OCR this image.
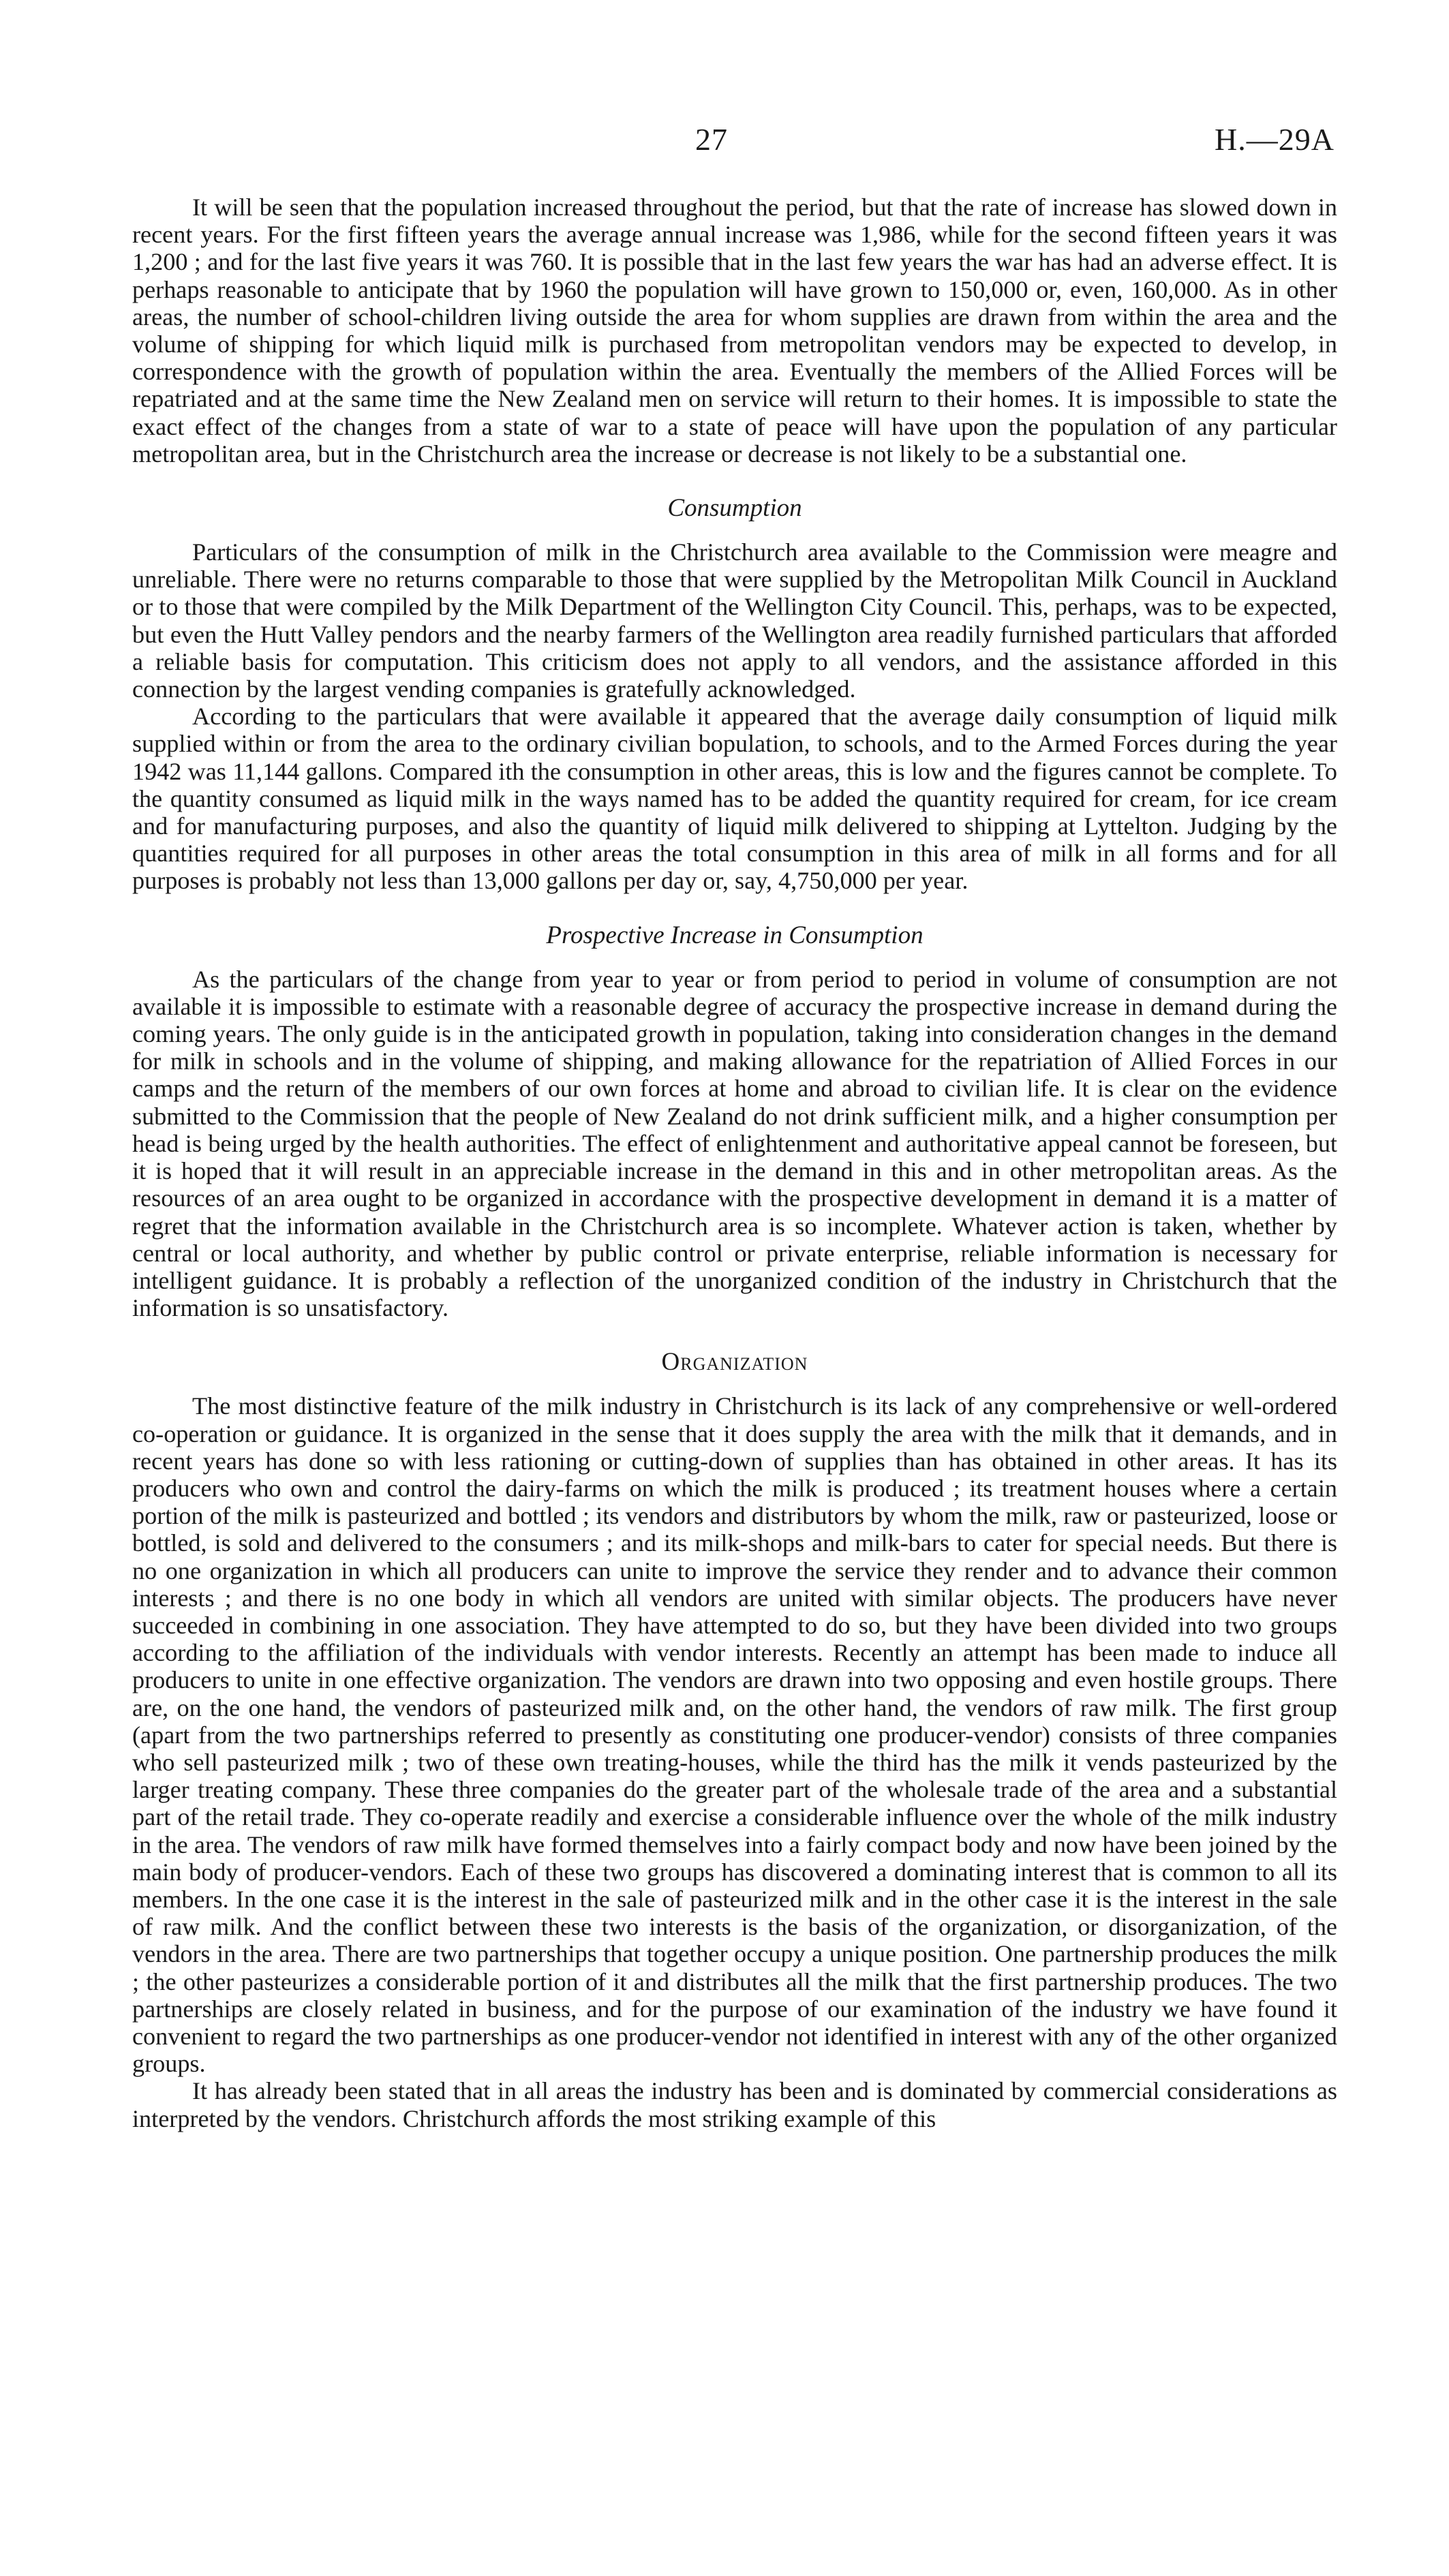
27	H.—29A

It will be seen that the population increased throughout the period, but that the rate of increase has slowed down in recent years. For the first fifteen years the average annual increase was 1,986, while for the second fifteen years it was 1,200 ; and for the last five years it was 760. It is possible that in the last few years the war has had an adverse effect. It is perhaps reasonable to anticipate that by 1960 the population will have grown to 150,000 or, even, 160,000. As in other areas, the number of school-children living outside the area for whom supplies are drawn from within the area and the volume of shipping for which liquid milk is purchased from metropolitan vendors may be expected to develop, in correspondence with the growth of population within the area. Eventually the members of the Allied Forces will be repatriated and at the same time the New Zealand men on service will return to their homes. It is impossible to state the exact effect of the changes from a state of war to a state of peace will have upon the population of any particular metropolitan area, but in the Christchurch area the increase or decrease is not likely to be a substantial one.

Consumption

Particulars of the consumption of milk in the Christchurch area available to the Commission were meagre and unreliable. There were no returns comparable to those that were supplied by the Metropolitan Milk Council in Auckland or to those that were compiled by the Milk Department of the Wellington City Council. This, perhaps, was to be expected, but even the Hutt Valley pendors and the nearby farmers of the Wellington area readily furnished particulars that afforded a reliable basis for computation. This criticism does not apply to all vendors, and the assistance afforded in this connection by the largest vending companies is gratefully acknowledged.

According to the particulars that were available it appeared that the average daily consumption of liquid milk supplied within or from the area to the ordinary civilian bopulation, to schools, and to the Armed Forces during the year 1942 was 11,144 gallons. Compared ith the consumption in other areas, this is low and the figures cannot be complete. To the quantity consumed as liquid milk in the ways named has to be added the quantity required for cream, for ice cream and for manufacturing purposes, and also the quantity of liquid milk delivered to shipping at Lyttelton. Judging by the quantities required for all purposes in other areas the total consumption in this area of milk in all forms and for all purposes is probably not less than 13,000 gallons per day or, say, 4,750,000 per year.

Prospective Increase in Consumption

As the particulars of the change from year to year or from period to period in volume of consumption are not available it is impossible to estimate with a reasonable degree of accuracy the prospective increase in demand during the coming years. The only guide is in the anticipated growth in population, taking into consideration changes in the demand for milk in schools and in the volume of shipping, and making allowance for the repatriation of Allied Forces in our camps and the return of the members of our own forces at home and abroad to civilian life. It is clear on the evidence submitted to the Commission that the people of New Zealand do not drink sufficient milk, and a higher consumption per head is being urged by the health authorities. The effect of enlightenment and authoritative appeal cannot be foreseen, but it is hoped that it will result in an appreciable increase in the demand in this and in other metropolitan areas. As the resources of an area ought to be organized in accordance with the prospective development in demand it is a matter of regret that the information available in the Christchurch area is so incomplete. Whatever action is taken, whether by central or local authority, and whether by public control or private enterprise, reliable information is necessary for intelligent guidance. It is probably a reflection of the unorganized condition of the industry in Christchurch that the information is so unsatisfactory.

Organization

The most distinctive feature of the milk industry in Christchurch is its lack of any comprehensive or well-ordered co-operation or guidance. It is organized in the sense that it does supply the area with the milk that it demands, and in recent years has done so with less rationing or cutting-down of supplies than has obtained in other areas. It has its producers who own and control the dairy-farms on which the milk is produced ; its treatment houses where a certain portion of the milk is pasteurized and bottled ; its vendors and distributors by whom the milk, raw or pasteurized, loose or bottled, is sold and delivered to the consumers ; and its milk-shops and milk-bars to cater for special needs. But there is no one organization in which all producers can unite to improve the service they render and to advance their common interests ; and there is no one body in which all vendors are united with similar objects. The producers have never succeeded in combining in one association. They have attempted to do so, but they have been divided into two groups according to the affiliation of the individuals with vendor interests. Recently an attempt has been made to induce all producers to unite in one effective organization. The vendors are drawn into two opposing and even hostile groups. There are, on the one hand, the vendors of pasteurized milk and, on the other hand, the vendors of raw milk. The first group (apart from the two partnerships referred to presently as constituting one producer-vendor) consists of three companies who sell pasteurized milk ; two of these own treating-houses, while the third has the milk it vends pasteurized by the larger treating company. These three companies do the greater part of the wholesale trade of the area and a substantial part of the retail trade. They co-operate readily and exercise a considerable influence over the whole of the milk industry in the area. The vendors of raw milk have formed themselves into a fairly compact body and now have been joined by the main body of producer-vendors. Each of these two groups has discovered a dominating interest that is common to all its members. In the one case it is the interest in the sale of pasteurized milk and in the other case it is the interest in the sale of raw milk. And the conflict between these two interests is the basis of the organization, or disorganization, of the vendors in the area. There are two partnerships that together occupy a unique position. One partnership produces the milk ; the other pasteurizes a considerable portion of it and distributes all the milk that the first partnership produces. The two partnerships are closely related in business, and for the purpose of our examination of the industry we have found it convenient to regard the two partnerships as one producer-vendor not identified in interest with any of the other organized groups.

It has already been stated that in all areas the industry has been and is dominated by commercial considerations as interpreted by the vendors. Christchurch affords the most striking example of this
